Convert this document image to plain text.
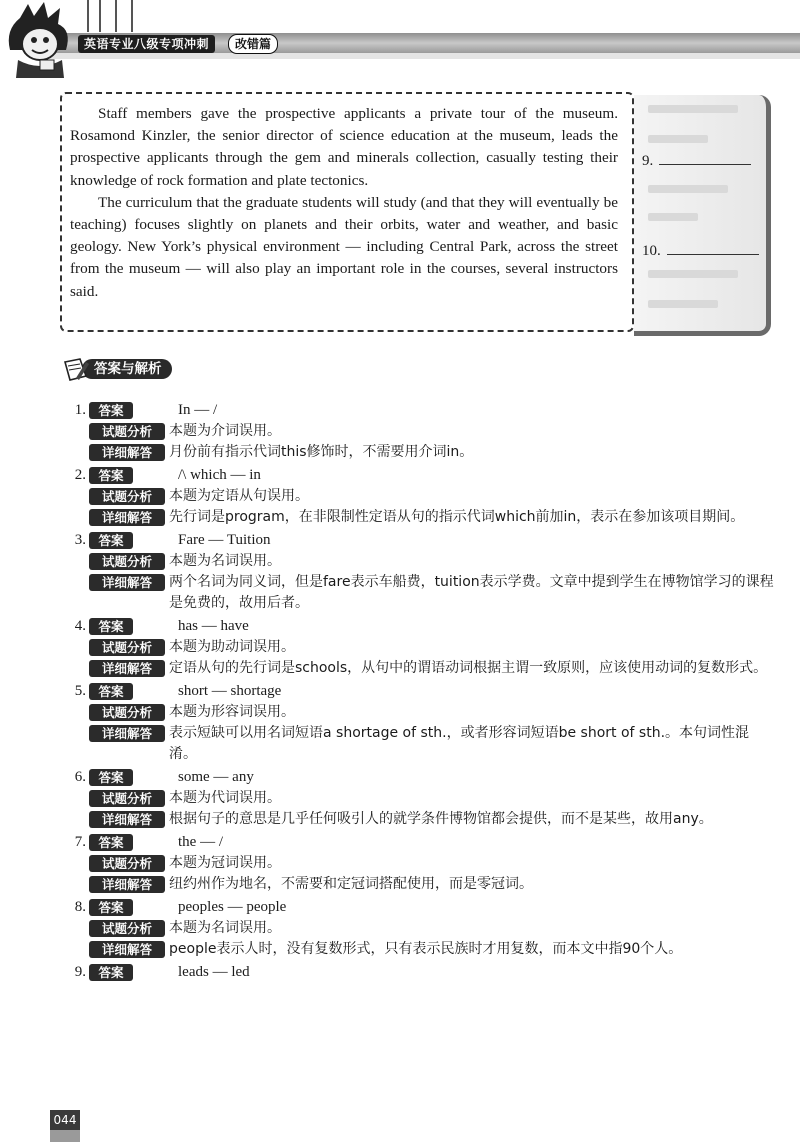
英语专业八级专项冲刺	改错篇

Staff members gave the prospective applicants a private tour of the museum. Rosamond Kinzler, the senior director of science education at the museum, leads the prospective applicants through the gem and minerals collection, casually testing their knowledge of rock formation and plate tectonics.

The curriculum that the graduate students will study (and that they will eventually be teaching) focuses slightly on planets and their orbits, water and weather, and basic geology. New York’s physical environment — including Central Park, across the street from the museum — will also play an important role in the courses, several instructors said.

9.
10.
答案与解析
1. 答案	In — /
试题分析	本题为介词误用。
详细解答	月份前有指示代词this修饰时，不需要用介词in。
2. 答案	/\ which — in
试题分析	本题为定语从句误用。
详细解答	先行词是program，在非限制性定语从句的指示代词which前加in，表示在参加该项目期间。
3. 答案	Fare — Tuition
试题分析	本题为名词误用。
详细解答	两个名词为同义词，但是fare表示车船费，tuition表示学费。文章中提到学生在博物馆学习的课程是免费的，故用后者。
4. 答案	has — have
试题分析	本题为助动词误用。
详细解答	定语从句的先行词是schools，从句中的谓语动词根据主谓一致原则，应该使用动词的复数形式。
5. 答案	short — shortage
试题分析	本题为形容词误用。
详细解答	表示短缺可以用名词短语a shortage of sth.，或者形容词短语be short of sth.。本句词性混淆。
6. 答案	some — any
试题分析	本题为代词误用。
详细解答	根据句子的意思是几乎任何吸引人的就学条件博物馆都会提供，而不是某些，故用any。
7. 答案	the — /
试题分析	本题为冠词误用。
详细解答	纽约州作为地名，不需要和定冠词搭配使用，而是零冠词。
8. 答案	peoples — people
试题分析	本题为名词误用。
详细解答	people表示人时，没有复数形式，只有表示民族时才用复数，而本文中指90个人。
9. 答案	leads — led
044
